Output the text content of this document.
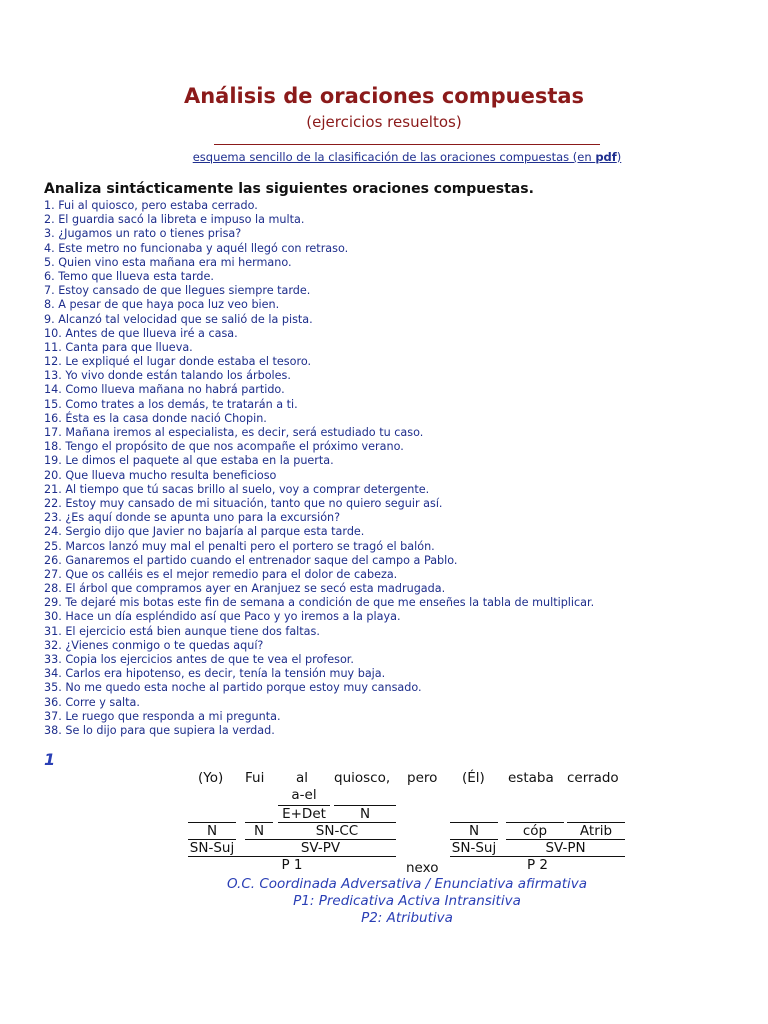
Análisis de oraciones compuestas
(ejercicios resueltos)
esquema sencillo de la clasificación de las oraciones compuestas (en pdf)
Analiza sintácticamente las siguientes oraciones compuestas.
1. Fui al quiosco, pero estaba cerrado.
2. El guardia sacó la libreta e impuso la multa.
3. ¿Jugamos un rato o tienes prisa?
4. Este metro no funcionaba y aquél llegó con retraso.
5. Quien vino esta mañana era mi hermano.
6. Temo que llueva esta tarde.
7. Estoy cansado de que llegues siempre tarde.
8. A pesar de que haya poca luz veo bien.
9. Alcanzó tal velocidad que se salió de la pista.
10. Antes de que llueva iré a casa.
11. Canta para que llueva.
12. Le expliqué el lugar donde estaba el tesoro.
13. Yo vivo donde están talando los árboles.
14. Como llueva mañana no habrá partido.
15. Como trates a los demás, te tratarán a ti.
16. Ésta es la casa donde nació Chopin.
17. Mañana iremos al especialista, es decir, será estudiado tu caso.
18. Tengo el propósito de que nos acompañe el próximo verano.
19. Le dimos el paquete al que estaba en la puerta.
20. Que llueva mucho resulta beneficioso
21. Al tiempo que tú sacas brillo al suelo, voy a comprar detergente.
22. Estoy muy cansado de mi situación, tanto que no quiero seguir así.
23. ¿Es aquí donde se apunta uno para la excursión?
24. Sergio dijo que Javier no bajaría al parque esta tarde.
25. Marcos lanzó muy mal el penalti pero el portero se tragó el balón.
26. Ganaremos el partido cuando el entrenador saque del campo a Pablo.
27. Que os calléis es el mejor remedio para el dolor de cabeza.
28. El árbol que compramos ayer en Aranjuez se secó esta madrugada.
29. Te dejaré mis botas este fin de semana a condición de que me enseñes la tabla de multiplicar.
30. Hace un día espléndido así que Paco y yo iremos a la playa.
31. El ejercicio está bien aunque tiene dos faltas.
32. ¿Vienes conmigo o te quedas aquí?
33. Copia los ejercicios antes de que te vea el profesor.
34. Carlos era hipotenso, es decir, tenía la tensión muy baja.
35. No me quedo esta noche al partido porque estoy muy cansado.
36. Corre y salta.
37. Le ruego que responda a mi pregunta.
38. Se lo dijo para que supiera la verdad.
1
(Yo) Fui al quiosco, pero (Él) estaba cerrado
a-el
E+Det	N
N	N	SN-CC	N	cóp	Atrib
SN-Suj	SV-PV	SN-Suj	SV-PN
P 1	nexo	P 2
O.C. Coordinada Adversativa / Enunciativa afirmativa
P1: Predicativa Activa Intransitiva
P2: Atributiva
